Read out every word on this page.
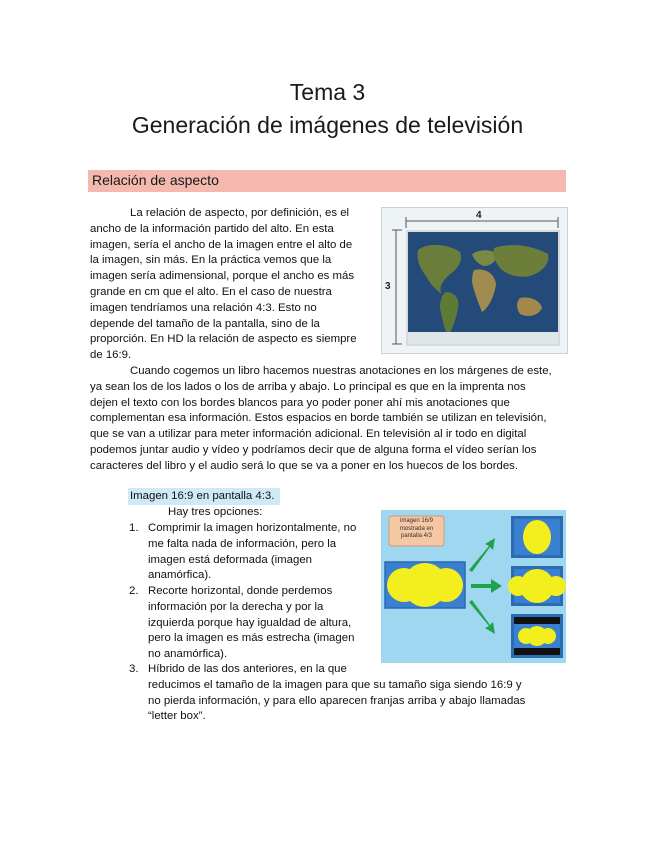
Tema 3
Generación de imágenes de televisión
Relación de aspecto
La relación de aspecto, por definición, es el
ancho de la información partido del alto. En esta
imagen, sería el ancho de la imagen entre el alto de
la imagen, sin más. En la práctica vemos que la
imagen sería adimensional, porque el ancho es más
grande en cm que el alto. En el caso de nuestra
imagen tendríamos una relación 4:3. Esto no
depende del tamaño de la pantalla, sino de la
proporción. En HD la relación de aspecto es siempre
de 16:9.
4
3
Cuando cogemos un libro hacemos nuestras anotaciones en los márgenes de este,
ya sean los de los lados o los de arriba y abajo. Lo principal es que en la imprenta nos
dejen el texto con los bordes blancos para yo poder poner ahí mis anotaciones que
complementan esa información. Estos espacios en borde también se utilizan en televisión,
que se van a utilizar para meter información adicional. En televisión al ir todo en digital
podemos juntar audio y vídeo y podríamos decir que de alguna forma el vídeo serían los
caracteres del libro y el audio será lo que se va a poner en los huecos de los bordes.
Imagen 16:9 en pantalla 4:3.
Hay tres opciones:
1. Comprimir la imagen horizontalmente, no
me falta nada de información, pero la
imagen está deformada (imagen
anamórfica).
2. Recorte horizontal, donde perdemos
información por la derecha y por la
izquierda porque hay igualdad de altura,
pero la imagen es más estrecha (imagen
no anamórfica).
3. Híbrido de las dos anteriores, en la que
reducimos el tamaño de la imagen para que su tamaño siga siendo 16:9 y
no pierda información, y para ello aparecen franjas arriba y abajo llamadas
“letter box”.
imagen 16/9
mostrada en
pantalla 4/3
